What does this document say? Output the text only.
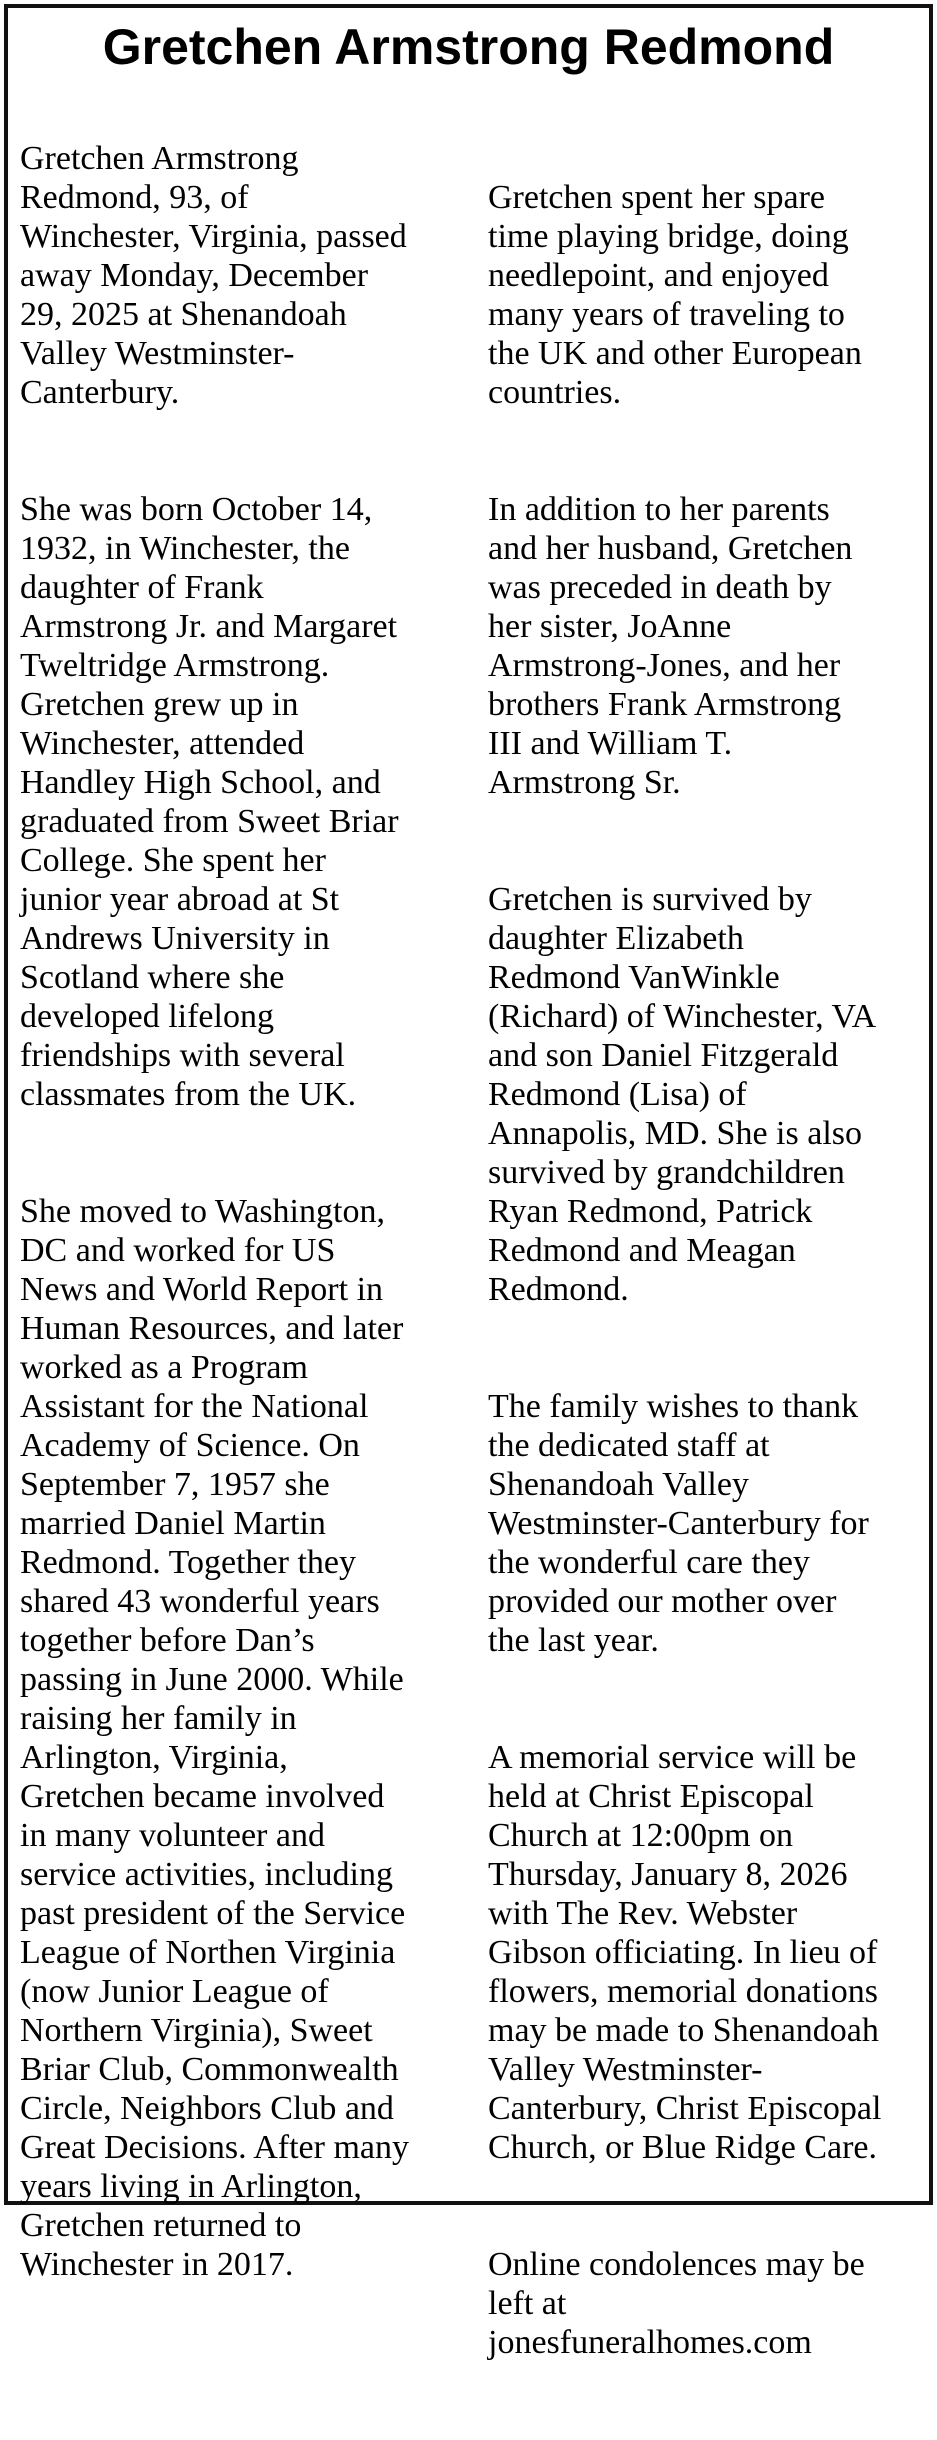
Gretchen Armstrong Redmond

Gretchen Armstrong
Redmond, 93, of
Winchester, Virginia, passed
away Monday, December
29, 2025 at Shenandoah
Valley Westminster-
Canterbury.

She was born October 14,
1932, in Winchester, the
daughter of Frank
Armstrong Jr. and Margaret
Tweltridge Armstrong.
Gretchen grew up in
Winchester, attended
Handley High School, and
graduated from Sweet Briar
College. She spent her
junior year abroad at St
Andrews University in
Scotland where she
developed lifelong
friendships with several
classmates from the UK.

She moved to Washington,
DC and worked for US
News and World Report in
Human Resources, and later
worked as a Program
Assistant for the National
Academy of Science. On
September 7, 1957 she
married Daniel Martin
Redmond. Together they
shared 43 wonderful years
together before Dan’s
passing in June 2000. While
raising her family in
Arlington, Virginia,
Gretchen became involved
in many volunteer and
service activities, including
past president of the Service
League of Northen Virginia
(now Junior League of
Northern Virginia), Sweet
Briar Club, Commonwealth
Circle, Neighbors Club and
Great Decisions. After many
years living in Arlington,
Gretchen returned to
Winchester in 2017.

Gretchen spent her spare
time playing bridge, doing
needlepoint, and enjoyed
many years of traveling to
the UK and other European
countries.

In addition to her parents
and her husband, Gretchen
was preceded in death by
her sister, JoAnne
Armstrong-Jones, and her
brothers Frank Armstrong
III and William T.
Armstrong Sr.

Gretchen is survived by
daughter Elizabeth
Redmond VanWinkle
(Richard) of Winchester, VA
and son Daniel Fitzgerald
Redmond (Lisa) of
Annapolis, MD. She is also
survived by grandchildren
Ryan Redmond, Patrick
Redmond and Meagan
Redmond.

The family wishes to thank
the dedicated staff at
Shenandoah Valley
Westminster-Canterbury for
the wonderful care they
provided our mother over
the last year.

A memorial service will be
held at Christ Episcopal
Church at 12:00pm on
Thursday, January 8, 2026
with The Rev. Webster
Gibson officiating. In lieu of
flowers, memorial donations
may be made to Shenandoah
Valley Westminster-
Canterbury, Christ Episcopal
Church, or Blue Ridge Care.

Online condolences may be
left at
jonesfuneralhomes.com
